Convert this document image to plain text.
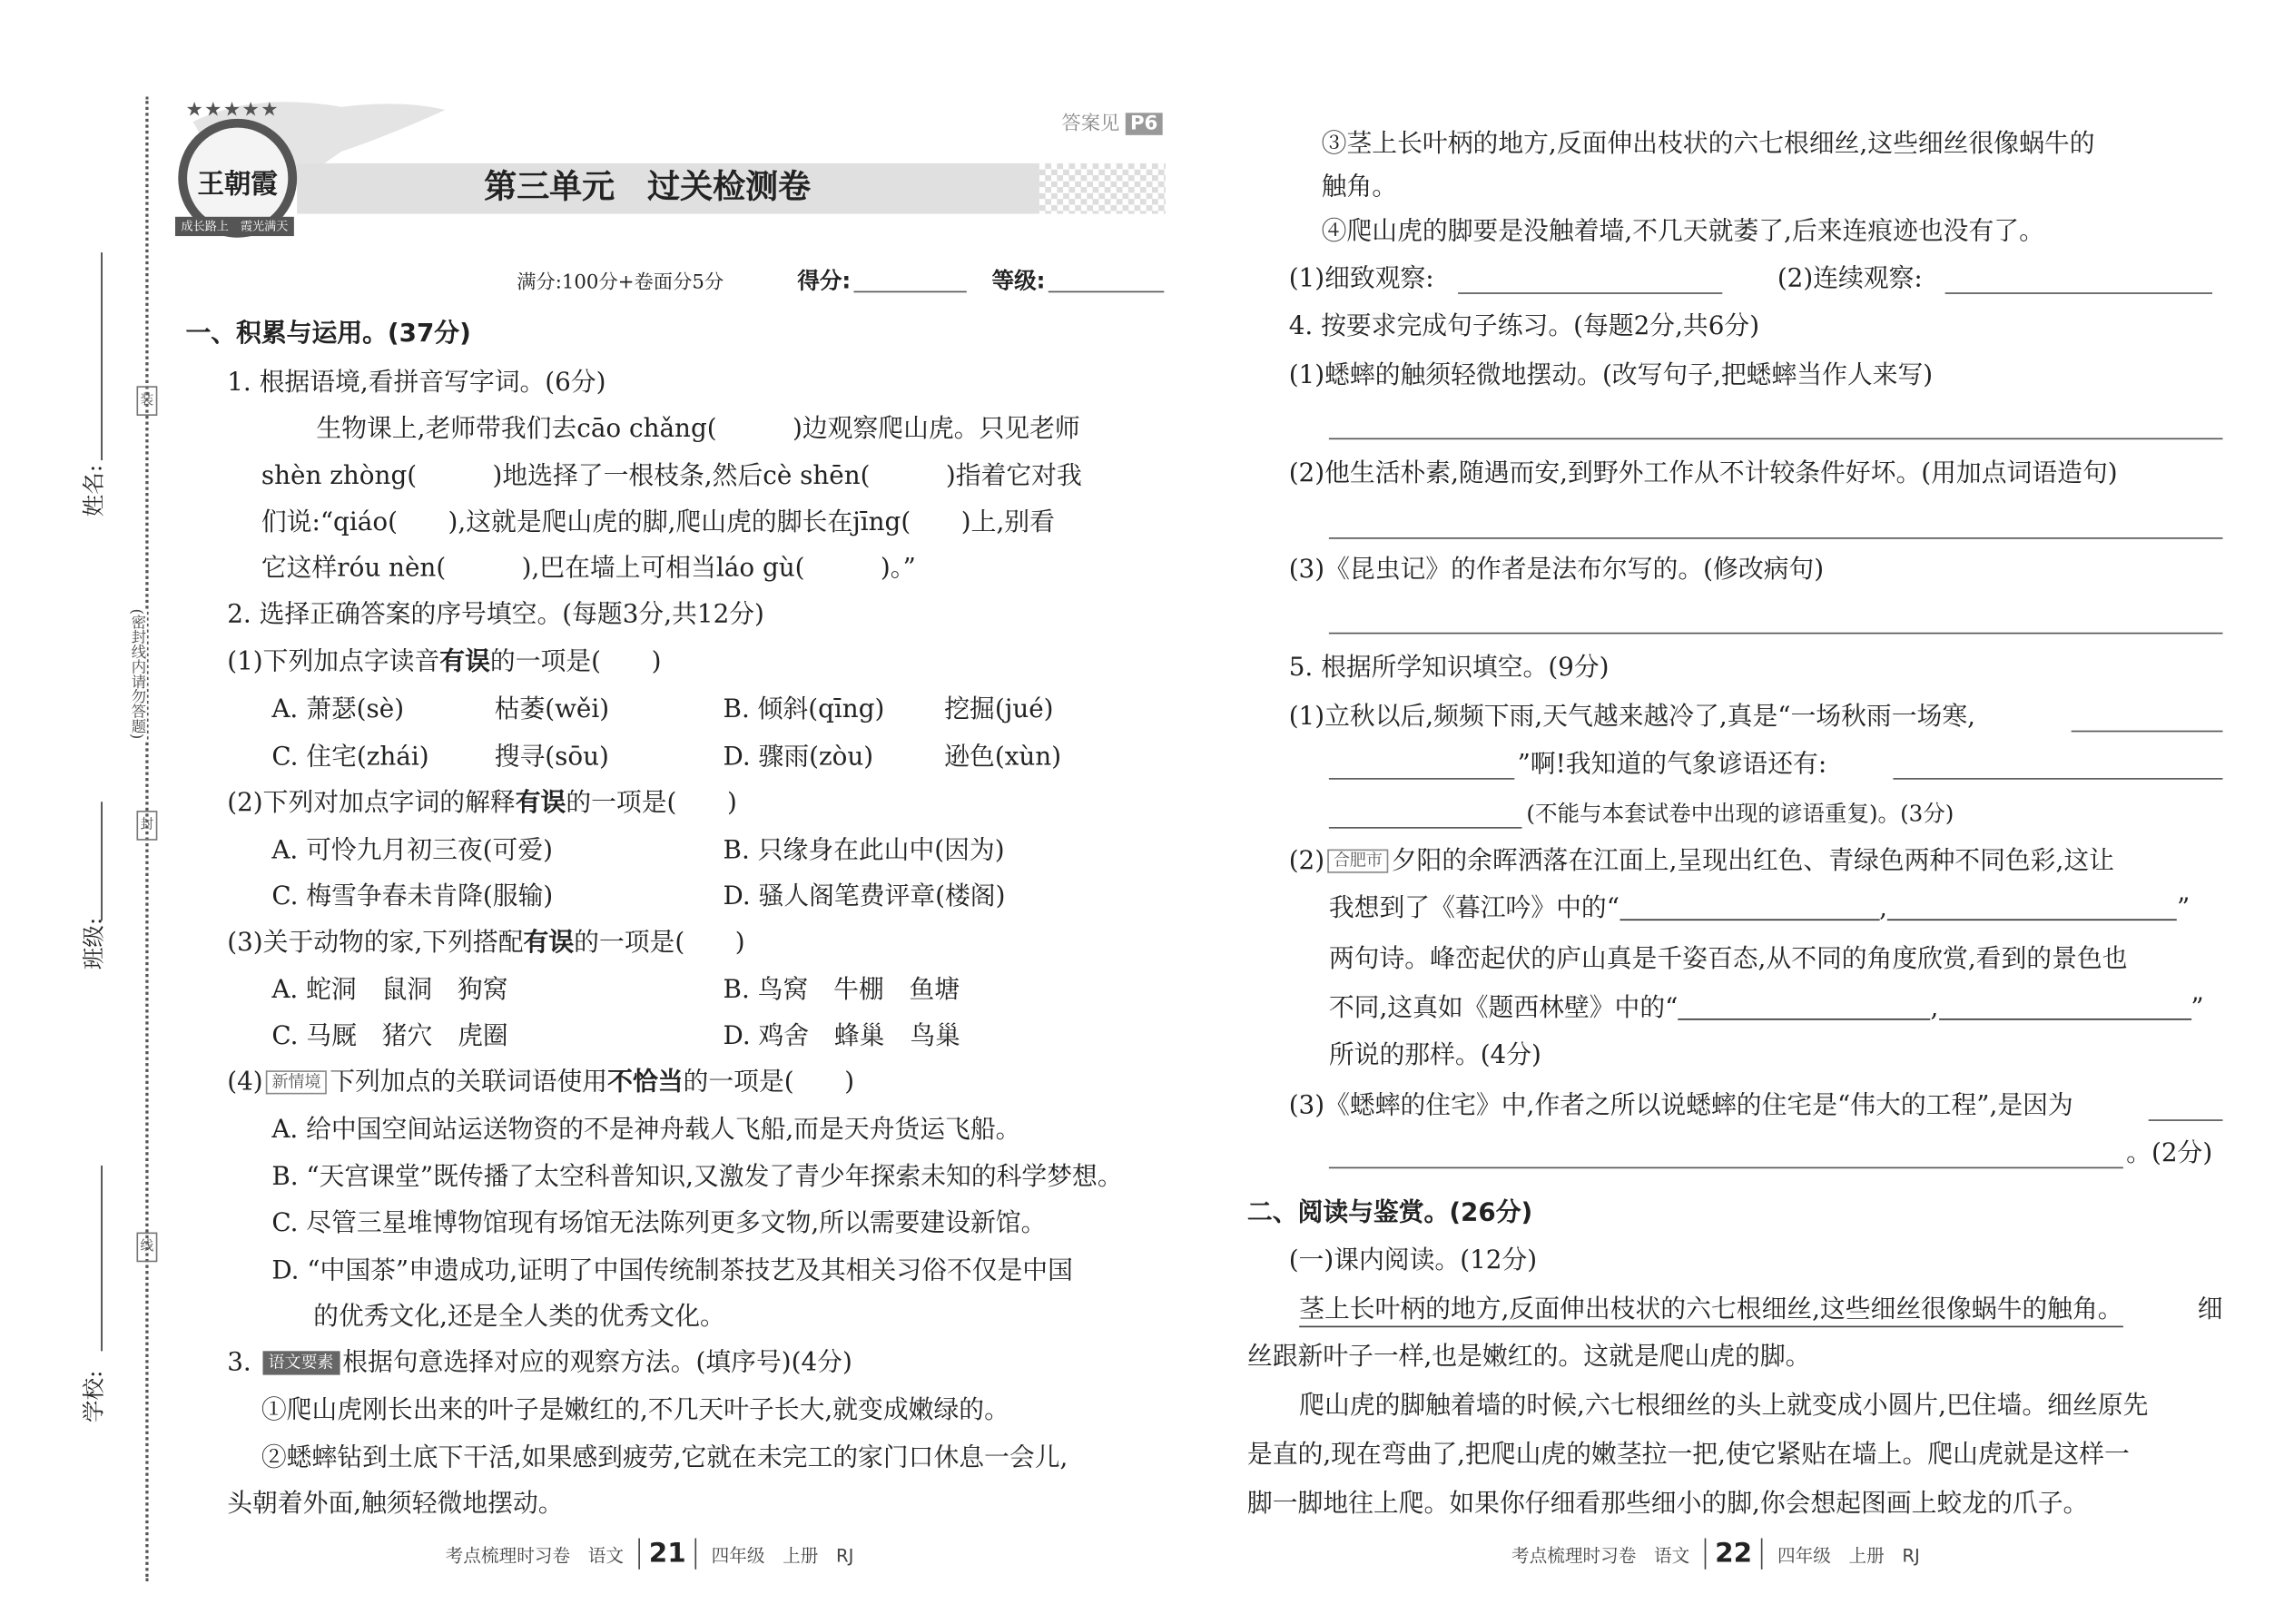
姓名:
班级:
学校:
(密封线内请勿答题)
装
封
线
王朝霞
★★★★★
成长路上　霞光满天
答案见 P6
第三单元　过关检测卷
满分:100分+卷面分5分	得分:	等级:
一、积累与运用。(37分)
1. 根据语境,看拼音写字词。(6分)
生物课上,老师带我们去cāo chǎng(　　　)边观察爬山虎。只见老师
shèn zhòng(　　　)地选择了一根枝条,然后cè shēn(　　　)指着它对我
们说:“qiáo(　　),这就是爬山虎的脚,爬山虎的脚长在jīng(　　)上,别看
它这样róu nèn(　　　),巴在墙上可相当láo gù(　　　)。”
2. 选择正确答案的序号填空。(每题3分,共12分)
(1)下列加点字读音有误的一项是(　　)
A. 萧瑟(sè)	枯萎(wěi)	B. 倾斜(qīng)	挖掘(jué)
C. 住宅(zhái)	搜寻(sōu)	D. 骤雨(zòu)	逊色(xùn)
(2)下列对加点字词的解释有误的一项是(　　)
A. 可怜九月初三夜(可爱)	B. 只缘身在此山中(因为)
C. 梅雪争春未肯降(服输)	D. 骚人阁笔费评章(楼阁)
(3)关于动物的家,下列搭配有误的一项是(　　)
A. 蛇洞　鼠洞　狗窝	B. 鸟窝　牛棚　鱼塘
C. 马厩　猪穴　虎圈	D. 鸡舍　蜂巢　鸟巢
(4) 新情境 下列加点的关联词语使用不恰当的一项是(　　)
A. 给中国空间站运送物资的不是神舟载人飞船,而是天舟货运飞船。
B. “天宫课堂”既传播了太空科普知识,又激发了青少年探索未知的科学梦想。
C. 尽管三星堆博物馆现有场馆无法陈列更多文物,所以需要建设新馆。
D. “中国茶”申遗成功,证明了中国传统制茶技艺及其相关习俗不仅是中国
的优秀文化,还是全人类的优秀文化。
3. 语文要素 根据句意选择对应的观察方法。(填序号)(4分)
①爬山虎刚长出来的叶子是嫩红的,不几天叶子长大,就变成嫩绿的。
②蟋蟀钻到土底下干活,如果感到疲劳,它就在未完工的家门口休息一会儿,
头朝着外面,触须轻微地摆动。
考点梳理时习卷　语文 21 四年级　上册　RJ
③茎上长叶柄的地方,反面伸出枝状的六七根细丝,这些细丝很像蜗牛的
触角。
④爬山虎的脚要是没触着墙,不几天就萎了,后来连痕迹也没有了。
(1)细致观察:	(2)连续观察:
4. 按要求完成句子练习。(每题2分,共6分)
(1)蟋蟀的触须轻微地摆动。(改写句子,把蟋蟀当作人来写)
(2)他生活朴素,随遇而安,到野外工作从不计较条件好坏。(用加点词语造句)
(3)《昆虫记》的作者是法布尔写的。(修改病句)
5. 根据所学知识填空。(9分)
(1)立秋以后,频频下雨,天气越来越冷了,真是“一场秋雨一场寒,
”啊!我知道的气象谚语还有:
(不能与本套试卷中出现的谚语重复)。(3分)
(2) 合肥市 夕阳的余晖洒落在江面上,呈现出红色、青绿色两种不同色彩,这让
我想到了《暮江吟》中的“	,	”
两句诗。峰峦起伏的庐山真是千姿百态,从不同的角度欣赏,看到的景色也
不同,这真如《题西林壁》中的“	,	”
所说的那样。(4分)
(3)《蟋蟀的住宅》中,作者之所以说蟋蟀的住宅是“伟大的工程”,是因为
。(2分)
二、阅读与鉴赏。(26分)
(一)课内阅读。(12分)
茎上长叶柄的地方,反面伸出枝状的六七根细丝,这些细丝很像蜗牛的触角。	细
丝跟新叶子一样,也是嫩红的。这就是爬山虎的脚。
爬山虎的脚触着墙的时候,六七根细丝的头上就变成小圆片,巴住墙。细丝原先
是直的,现在弯曲了,把爬山虎的嫩茎拉一把,使它紧贴在墙上。爬山虎就是这样一
脚一脚地往上爬。如果你仔细看那些细小的脚,你会想起图画上蛟龙的爪子。
考点梳理时习卷　语文 22 四年级　上册　RJ
